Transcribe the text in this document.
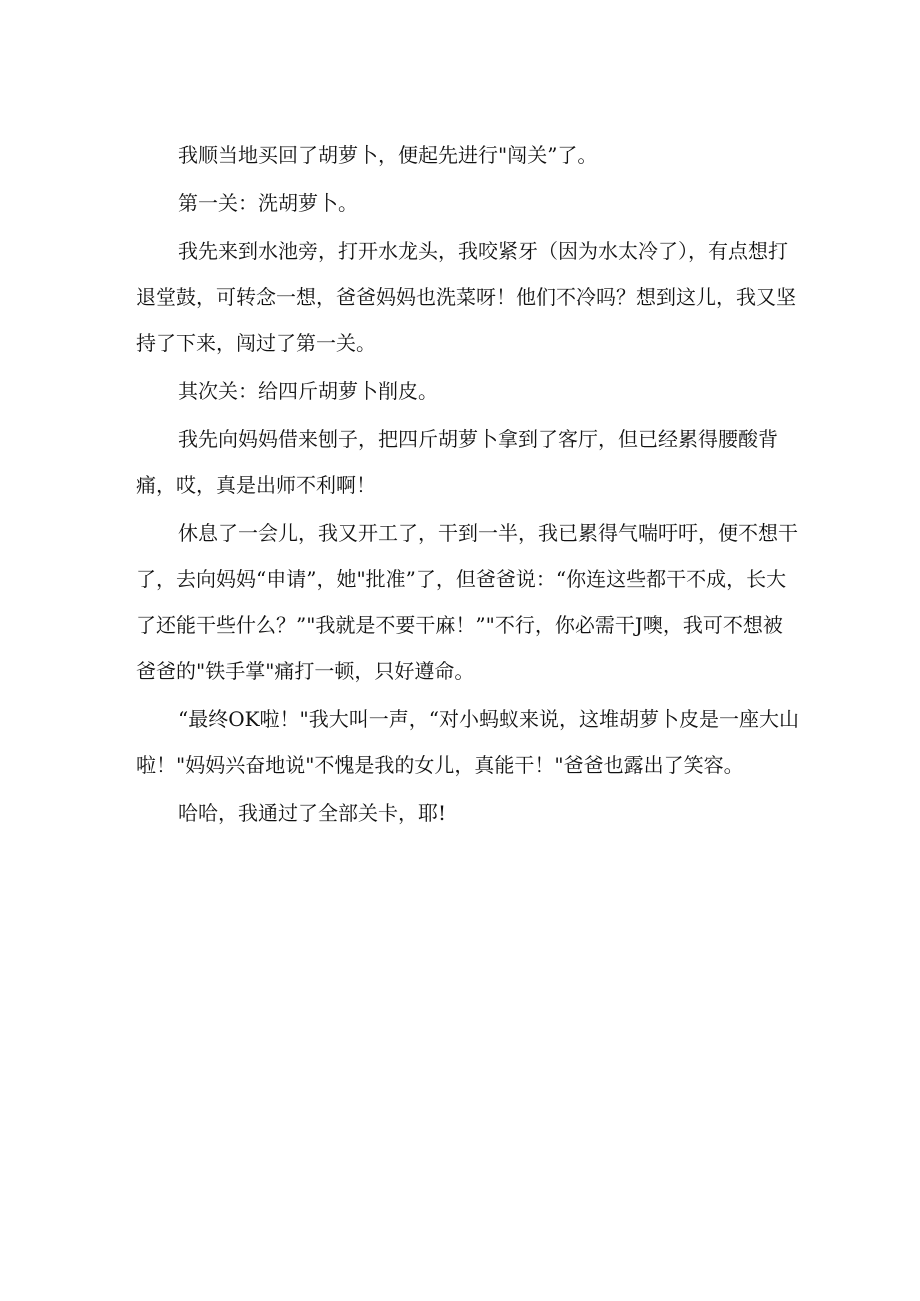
我顺当地买回了胡萝卜，便起先进行"闯关”了。

第一关：洗胡萝卜。

我先来到水池旁，打开水龙头，我咬紧牙（因为水太冷了），有点想打退堂鼓，可转念一想，爸爸妈妈也洗菜呀！他们不冷吗？想到这儿，我又坚持了下来，闯过了第一关。

其次关：给四斤胡萝卜削皮。

我先向妈妈借来刨子，把四斤胡萝卜拿到了客厅，但已经累得腰酸背痛，哎，真是出师不利啊！

休息了一会儿，我又开工了，干到一半，我已累得气喘吁吁，便不想干了，去向妈妈“申请”，她"批准”了，但爸爸说：“你连这些都干不成，长大了还能干些什么？”"我就是不要干麻！”"不行，你必需干J噢，我可不想被爸爸的"铁手掌"痛打一顿，只好遵命。

“最终OK啦！"我大叫一声，“对小蚂蚁来说，这堆胡萝卜皮是一座大山啦！"妈妈兴奋地说"不愧是我的女儿，真能干！"爸爸也露出了笑容。

哈哈，我通过了全部关卡，耶!
